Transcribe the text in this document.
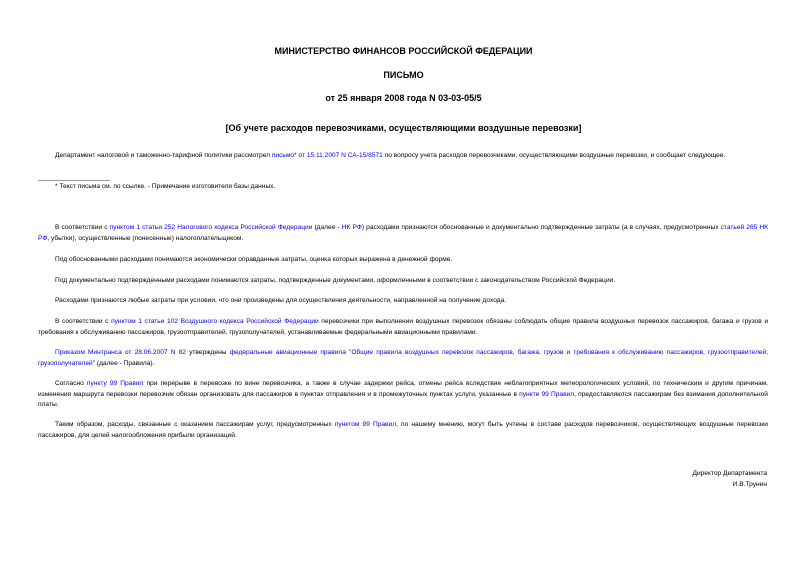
МИНИСТЕРСТВО ФИНАНСОВ РОССИЙСКОЙ ФЕДЕРАЦИИ
ПИСЬМО
от 25 января 2008 года N 03-03-05/5
[Об учете расходов перевозчиками, осуществляющими воздушные перевозки]
Департамент налоговой и таможенно-тарифной политики рассмотрел письмо* от 15.11.2007 N СА-15/8571 по вопросу учета расходов перевозчиками, осуществляющими воздушные перевозки, и сообщает следующее.
* Текст письма см. по ссылке. - Примечание изготовителя базы данных.
В соответствии с пунктом 1 статьи 252 Налогового кодекса Российской Федерации (далее - НК РФ) расходами признаются обоснованные и документально подтвержденные затраты (а в случаях, предусмотренных статьей 265 НК РФ, убытки), осуществленные (понесенные) налогоплательщиком.
Под обоснованными расходами понимаются экономически оправданные затраты, оценка которых выражена в денежной форме.
Под документально подтвержденными расходами понимаются затраты, подтвержденные документами, оформленными в соответствии с законодательством Российской Федерации.
Расходами признаются любые затраты при условии, что они произведены для осуществления деятельности, направленной на получение дохода.
В соответствии с пунктом 1 статьи 102 Воздушного кодекса Российской Федерации перевозчики при выполнении воздушных перевозок обязаны соблюдать общие правила воздушных перевозок пассажиров, багажа и грузов и требования к обслуживанию пассажиров, грузоотправителей, грузополучателей, устанавливаемые федеральными авиационными правилами.
Приказом Минтранса от 28.06.2007 N 82 утверждены федеральные авиационные правила "Общие правила воздушных перевозок пассажиров, багажа, грузов и требования к обслуживанию пассажиров, грузоотправителей, грузополучателей" (далее - Правила).
Согласно пункту 99 Правил при перерыве в перевозке по вине перевозчика, а также в случае задержки рейса, отмены рейса вследствие неблагоприятных метеорологических условий, по техническим и другим причинам, изменения маршрута перевозки перевозчик обязан организовать для пассажиров в пунктах отправления и в промежуточных пунктах услуги, указанные в пункте 99 Правил, предоставляются пассажирам без взимания дополнительной платы.
Таким образом, расходы, связанные с оказанием пассажирам услуг, предусмотренных пунктом 99 Правил, по нашему мнению, могут быть учтены в составе расходов перевозчиков, осуществляющих воздушные перевозки пассажиров, для целей налогообложения прибыли организаций.
Директор Департамента
И.В.Трунин
